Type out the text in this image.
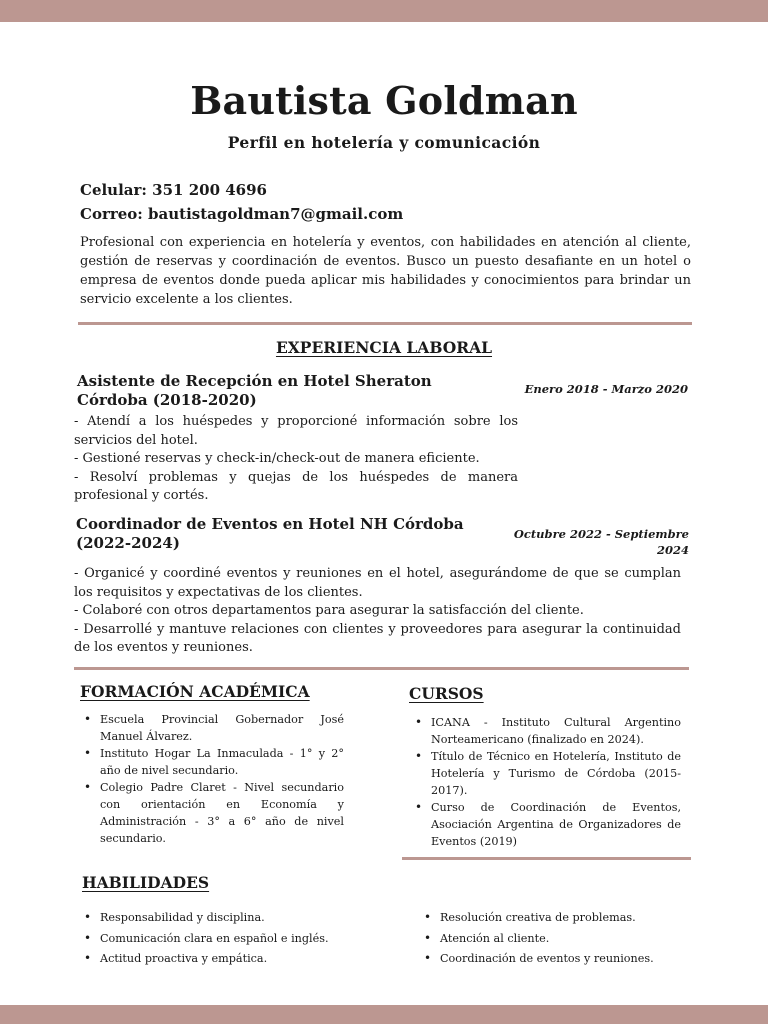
Bautista Goldman
Perfil en hotelería y comunicación
Celular: 351 200 4696
Correo: bautistagoldman7@gmail.com
Profesional con experiencia en hotelería y eventos, con habilidades en atención al cliente, gestión de reservas y coordinación de eventos. Busco un puesto desafiante en un hotel o empresa de eventos donde pueda aplicar mis habilidades y conocimientos para brindar un servicio excelente a los clientes.
EXPERIENCIA LABORAL
Asistente de Recepción en Hotel Sheraton Córdoba (2018-2020)
Enero 2018 - Marzo 2020
- Atendí a los huéspedes y proporcioné información sobre los servicios del hotel.
- Gestioné reservas y check-in/check-out de manera eficiente.
- Resolví problemas y quejas de los huéspedes de manera profesional y cortés.
Coordinador de Eventos en Hotel NH Córdoba (2022-2024)	Octubre 2022 - Septiembre 2024
- Organicé y coordiné eventos y reuniones en el hotel, asegurándome de que se cumplan los requisitos y expectativas de los clientes.
- Colaboré con otros departamentos para asegurar la satisfacción del cliente.
- Desarrollé y mantuve relaciones con clientes y proveedores para asegurar la continuidad de los eventos y reuniones.
FORMACIÓN ACADÉMICA
• Escuela Provincial Gobernador José Manuel Álvarez.
• Instituto Hogar La Inmaculada - 1° y 2° año de nivel secundario.
• Colegio Padre Claret - Nivel secundario con orientación en Economía y Administración - 3° a 6° año de nivel secundario.
CURSOS
• ICANA - Instituto Cultural Argentino Norteamericano (finalizado en 2024).
• Título de Técnico en Hotelería, Instituto de Hotelería y Turismo de Córdoba (2015-2017).
• Curso de Coordinación de Eventos, Asociación Argentina de Organizadores de Eventos (2019)
HABILIDADES
• Responsabilidad y disciplina.
• Comunicación clara en español e inglés.
• Actitud proactiva y empática.
• Resolución creativa de problemas.
• Atención al cliente.
• Coordinación de eventos y reuniones.
